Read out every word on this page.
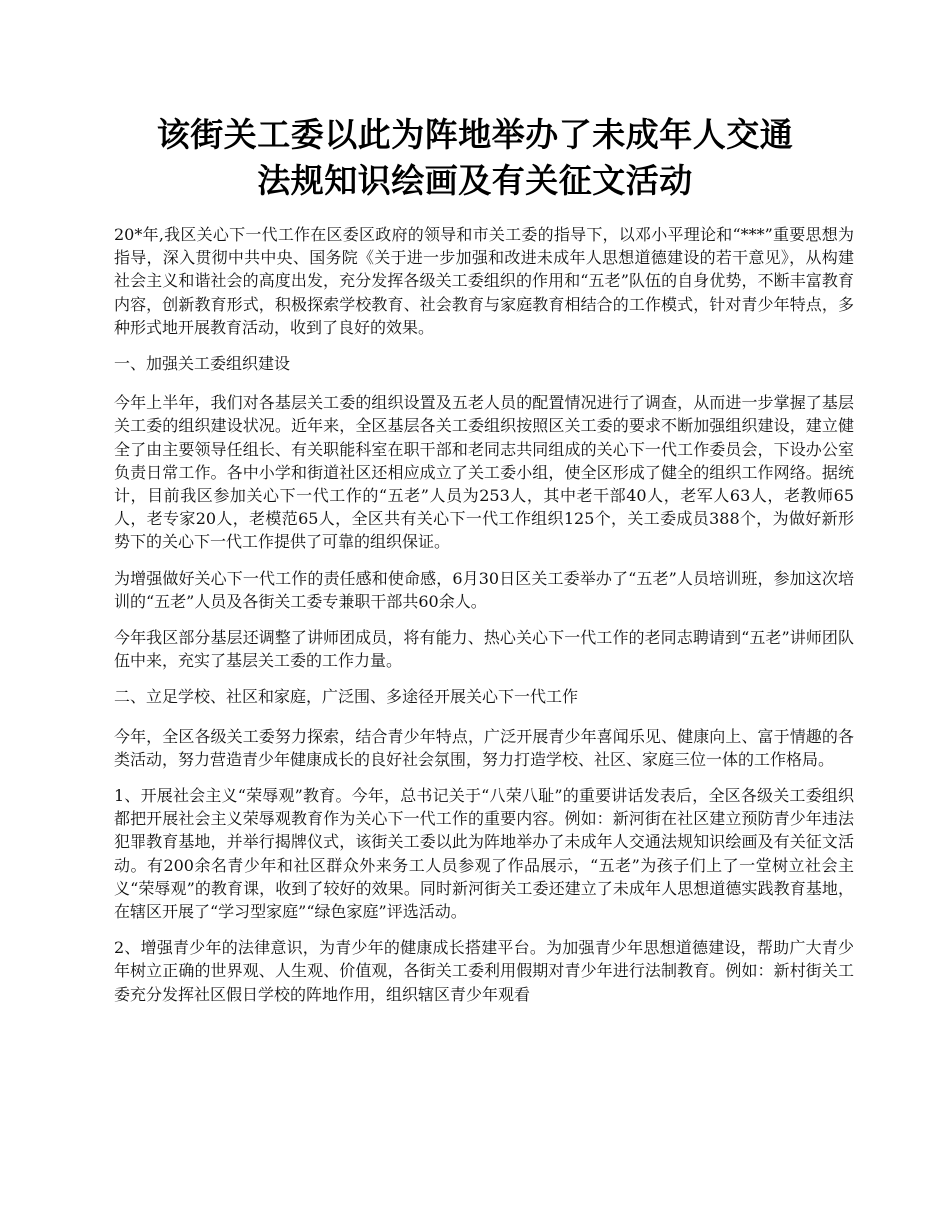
该街关工委以此为阵地举办了未成年人交通
法规知识绘画及有关征文活动

20*年,我区关心下一代工作在区委区政府的领导和市关工委的指导下，以邓小平理论和“***”重要思想为指导，深入贯彻中共中央、国务院《关于进一步加强和改进未成年人思想道德建设的若干意见》，从构建社会主义和谐社会的高度出发，充分发挥各级关工委组织的作用和“五老”队伍的自身优势，不断丰富教育内容，创新教育形式，积极探索学校教育、社会教育与家庭教育相结合的工作模式，针对青少年特点，多种形式地开展教育活动，收到了良好的效果。

一、加强关工委组织建设

今年上半年，我们对各基层关工委的组织设置及五老人员的配置情况进行了调查，从而进一步掌握了基层关工委的组织建设状况。近年来，全区基层各关工委组织按照区关工委的要求不断加强组织建设，建立健全了由主要领导任组长、有关职能科室在职干部和老同志共同组成的关心下一代工作委员会，下设办公室负责日常工作。各中小学和街道社区还相应成立了关工委小组，使全区形成了健全的组织工作网络。据统计，目前我区参加关心下一代工作的“五老”人员为253人，其中老干部40人，老军人63人，老教师65人，老专家20人，老模范65人，全区共有关心下一代工作组织125个，关工委成员388个，为做好新形势下的关心下一代工作提供了可靠的组织保证。

为增强做好关心下一代工作的责任感和使命感，6月30日区关工委举办了“五老”人员培训班，参加这次培训的“五老”人员及各街关工委专兼职干部共60余人。

今年我区部分基层还调整了讲师团成员，将有能力、热心关心下一代工作的老同志聘请到“五老”讲师团队伍中来，充实了基层关工委的工作力量。

二、立足学校、社区和家庭，广泛围、多途径开展关心下一代工作

今年，全区各级关工委努力探索，结合青少年特点，广泛开展青少年喜闻乐见、健康向上、富于情趣的各类活动，努力营造青少年健康成长的良好社会氛围，努力打造学校、社区、家庭三位一体的工作格局。

1、开展社会主义“荣辱观”教育。今年，总书记关于“八荣八耻”的重要讲话发表后，全区各级关工委组织都把开展社会主义荣辱观教育作为关心下一代工作的重要内容。例如：新河街在社区建立预防青少年违法犯罪教育基地，并举行揭牌仪式，该街关工委以此为阵地举办了未成年人交通法规知识绘画及有关征文活动。有200余名青少年和社区群众外来务工人员参观了作品展示，“五老”为孩子们上了一堂树立社会主义“荣辱观”的教育课，收到了较好的效果。同时新河街关工委还建立了未成年人思想道德实践教育基地，在辖区开展了“学习型家庭”“绿色家庭”评选活动。

2、增强青少年的法律意识，为青少年的健康成长搭建平台。为加强青少年思想道德建设，帮助广大青少年树立正确的世界观、人生观、价值观，各街关工委利用假期对青少年进行法制教育。例如：新村街关工委充分发挥社区假日学校的阵地作用，组织辖区青少年观看
